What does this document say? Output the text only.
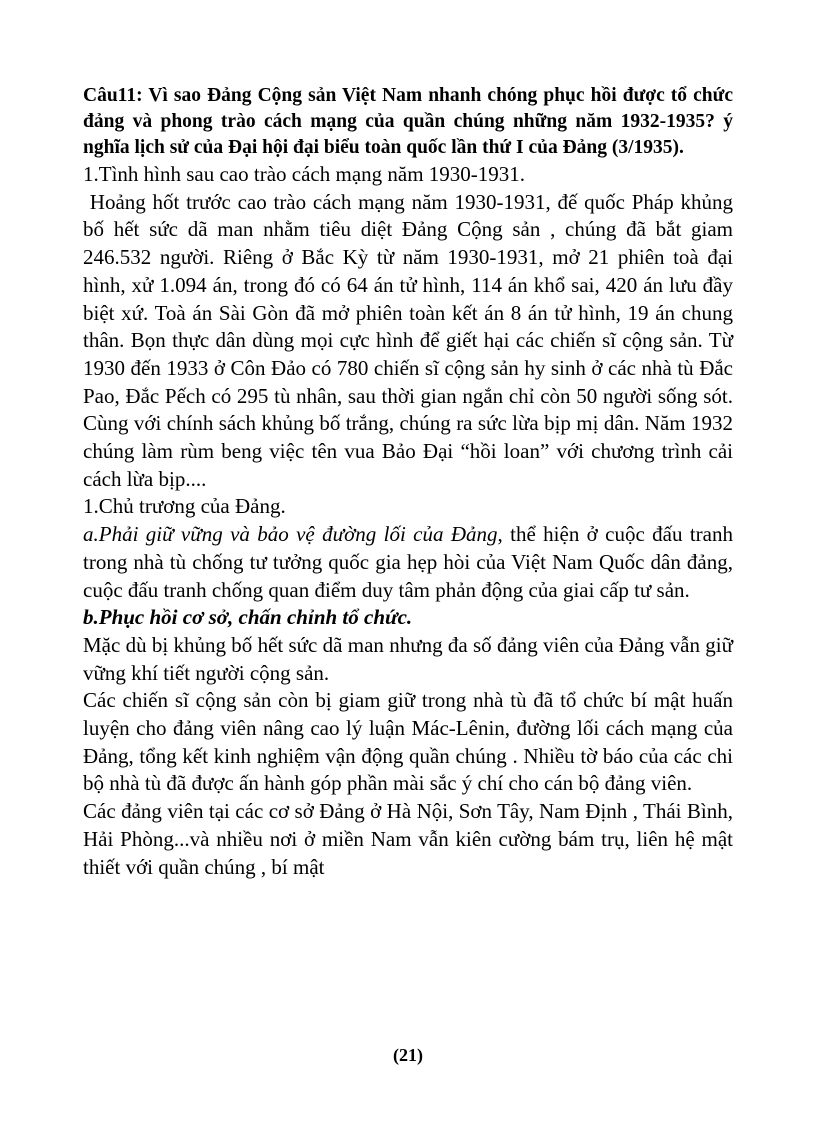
Câu11: Vì sao Đảng Cộng sản Việt Nam nhanh chóng phục hồi được tổ chức đảng và phong trào cách mạng của quần chúng những năm 1932-1935? ý nghĩa lịch sử của Đại hội đại biểu toàn quốc lần thứ I của Đảng (3/1935).

1.Tình hình sau cao trào cách mạng năm 1930-1931.

Hoảng hốt trước cao trào cách mạng năm 1930-1931, đế quốc Pháp khủng bố hết sức dã man nhằm tiêu diệt Đảng Cộng sản , chúng đã bắt giam 246.532 người. Riêng ở Bắc Kỳ từ năm 1930-1931, mở 21 phiên toà đại hình, xử 1.094 án, trong đó có 64 án tử hình, 114 án khổ sai, 420 án lưu đầy biệt xứ. Toà án Sài Gòn đã mở phiên toàn kết án 8 án tử hình, 19 án chung thân. Bọn thực dân dùng mọi cực hình để giết hại các chiến sĩ cộng sản. Từ 1930 đến 1933 ở Côn Đảo có 780 chiến sĩ cộng sản hy sinh ở các nhà tù Đắc Pao, Đắc Pếch có 295 tù nhân, sau thời gian ngắn chỉ còn 50 người sống sót. Cùng với chính sách khủng bố trắng, chúng ra sức lừa bịp mị dân. Năm 1932 chúng làm rùm beng việc tên vua Bảo Đại “hồi loan” với chương trình cải cách lừa bịp....

1.Chủ trương của Đảng.

a.Phải giữ vững và bảo vệ đường lối của Đảng, thể hiện ở cuộc đấu tranh trong nhà tù chống tư tưởng quốc gia hẹp hòi của Việt Nam Quốc dân đảng, cuộc đấu tranh chống quan điểm duy tâm phản động của giai cấp tư sản.

b.Phục hồi cơ sở, chấn chỉnh tổ chức.

Mặc dù bị khủng bố hết sức dã man nhưng đa số đảng viên của Đảng vẫn giữ vững khí tiết người cộng sản.

Các chiến sĩ cộng sản còn bị giam giữ trong nhà tù đã tổ chức bí mật huấn luyện cho đảng viên nâng cao lý luận Mác-Lênin, đường lối cách mạng của Đảng, tổng kết kinh nghiệm vận động quần chúng . Nhiều tờ báo của các chi bộ nhà tù đã được ấn hành góp phần mài sắc ý chí cho cán bộ đảng viên.

Các đảng viên tại các cơ sở Đảng ở Hà Nội, Sơn Tây, Nam Định , Thái Bình, Hải Phòng...và nhiều nơi ở miền Nam vẫn kiên cường bám trụ, liên hệ mật thiết với quần chúng , bí mật

(21)
